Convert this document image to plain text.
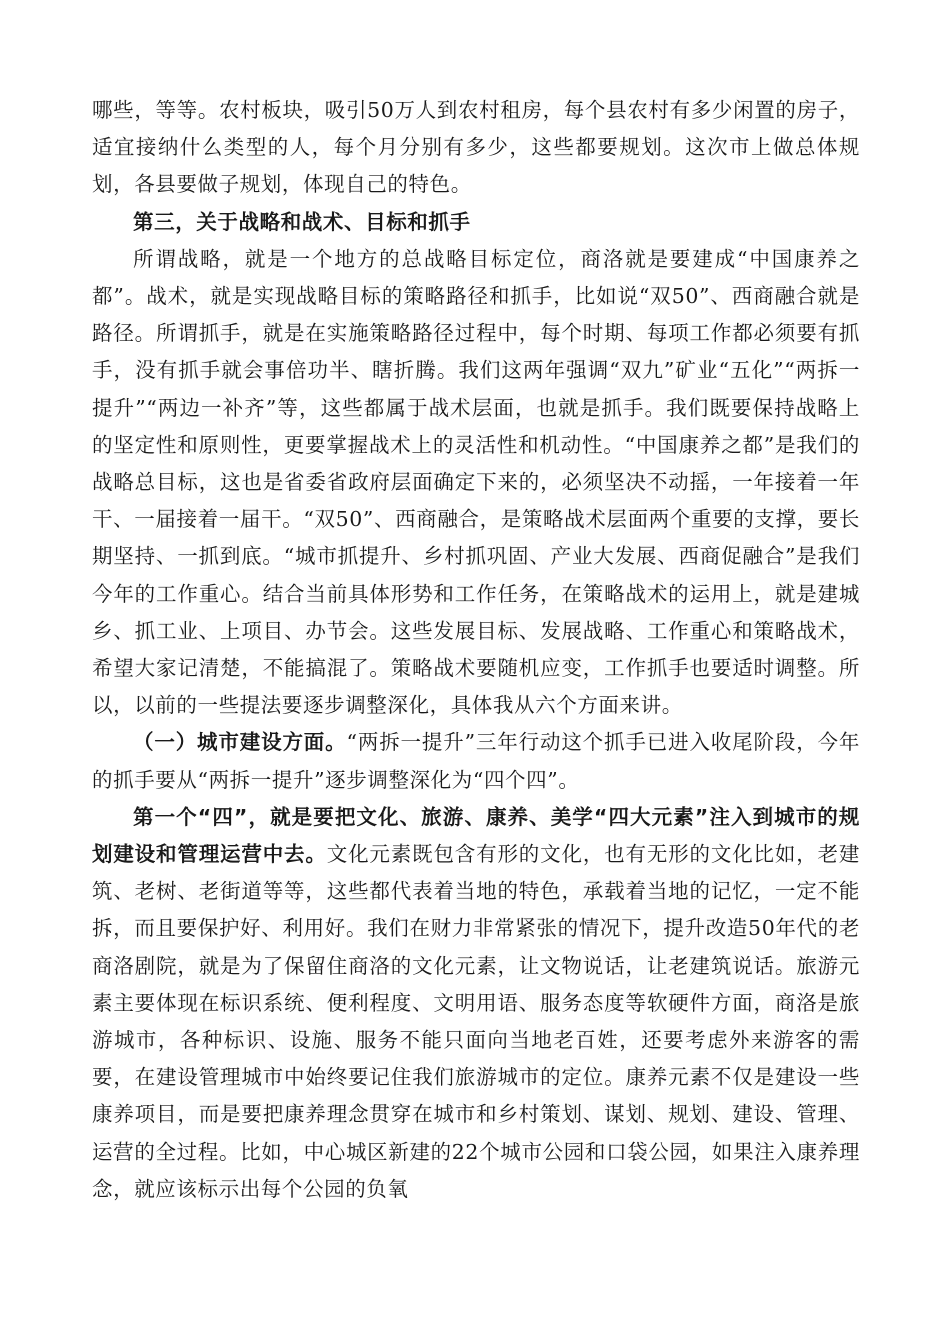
哪些，等等。农村板块，吸引50万人到农村租房，每个县农村有多少闲置的房子，适宜接纳什么类型的人，每个月分别有多少，这些都要规划。这次市上做总体规划，各县要做子规划，体现自己的特色。

第三，关于战略和战术、目标和抓手

所谓战略，就是一个地方的总战略目标定位，商洛就是要建成“中国康养之都”。战术，就是实现战略目标的策略路径和抓手，比如说“双50”、西商融合就是路径。所谓抓手，就是在实施策略路径过程中，每个时期、每项工作都必须要有抓手，没有抓手就会事倍功半、瞎折腾。我们这两年强调“双九”矿业“五化”“两拆一提升”“两边一补齐”等，这些都属于战术层面，也就是抓手。我们既要保持战略上的坚定性和原则性，更要掌握战术上的灵活性和机动性。“中国康养之都”是我们的战略总目标，这也是省委省政府层面确定下来的，必须坚决不动摇，一年接着一年干、一届接着一届干。“双50”、西商融合，是策略战术层面两个重要的支撑，要长期坚持、一抓到底。“城市抓提升、乡村抓巩固、产业大发展、西商促融合”是我们今年的工作重心。结合当前具体形势和工作任务，在策略战术的运用上，就是建城乡、抓工业、上项目、办节会。这些发展目标、发展战略、工作重心和策略战术，希望大家记清楚，不能搞混了。策略战术要随机应变，工作抓手也要适时调整。所以，以前的一些提法要逐步调整深化，具体我从六个方面来讲。

（一）城市建设方面。“两拆一提升”三年行动这个抓手已进入收尾阶段，今年的抓手要从“两拆一提升”逐步调整深化为“四个四”。

第一个“四”，就是要把文化、旅游、康养、美学“四大元素”注入到城市的规划建设和管理运营中去。文化元素既包含有形的文化，也有无形的文化比如，老建筑、老树、老街道等等，这些都代表着当地的特色，承载着当地的记忆，一定不能拆，而且要保护好、利用好。我们在财力非常紧张的情况下，提升改造50年代的老商洛剧院，就是为了保留住商洛的文化元素，让文物说话，让老建筑说话。旅游元素主要体现在标识系统、便利程度、文明用语、服务态度等软硬件方面，商洛是旅游城市，各种标识、设施、服务不能只面向当地老百姓，还要考虑外来游客的需要，在建设管理城市中始终要记住我们旅游城市的定位。康养元素不仅是建设一些康养项目，而是要把康养理念贯穿在城市和乡村策划、谋划、规划、建设、管理、运营的全过程。比如，中心城区新建的22个城市公园和口袋公园，如果注入康养理念，就应该标示出每个公园的负氧
